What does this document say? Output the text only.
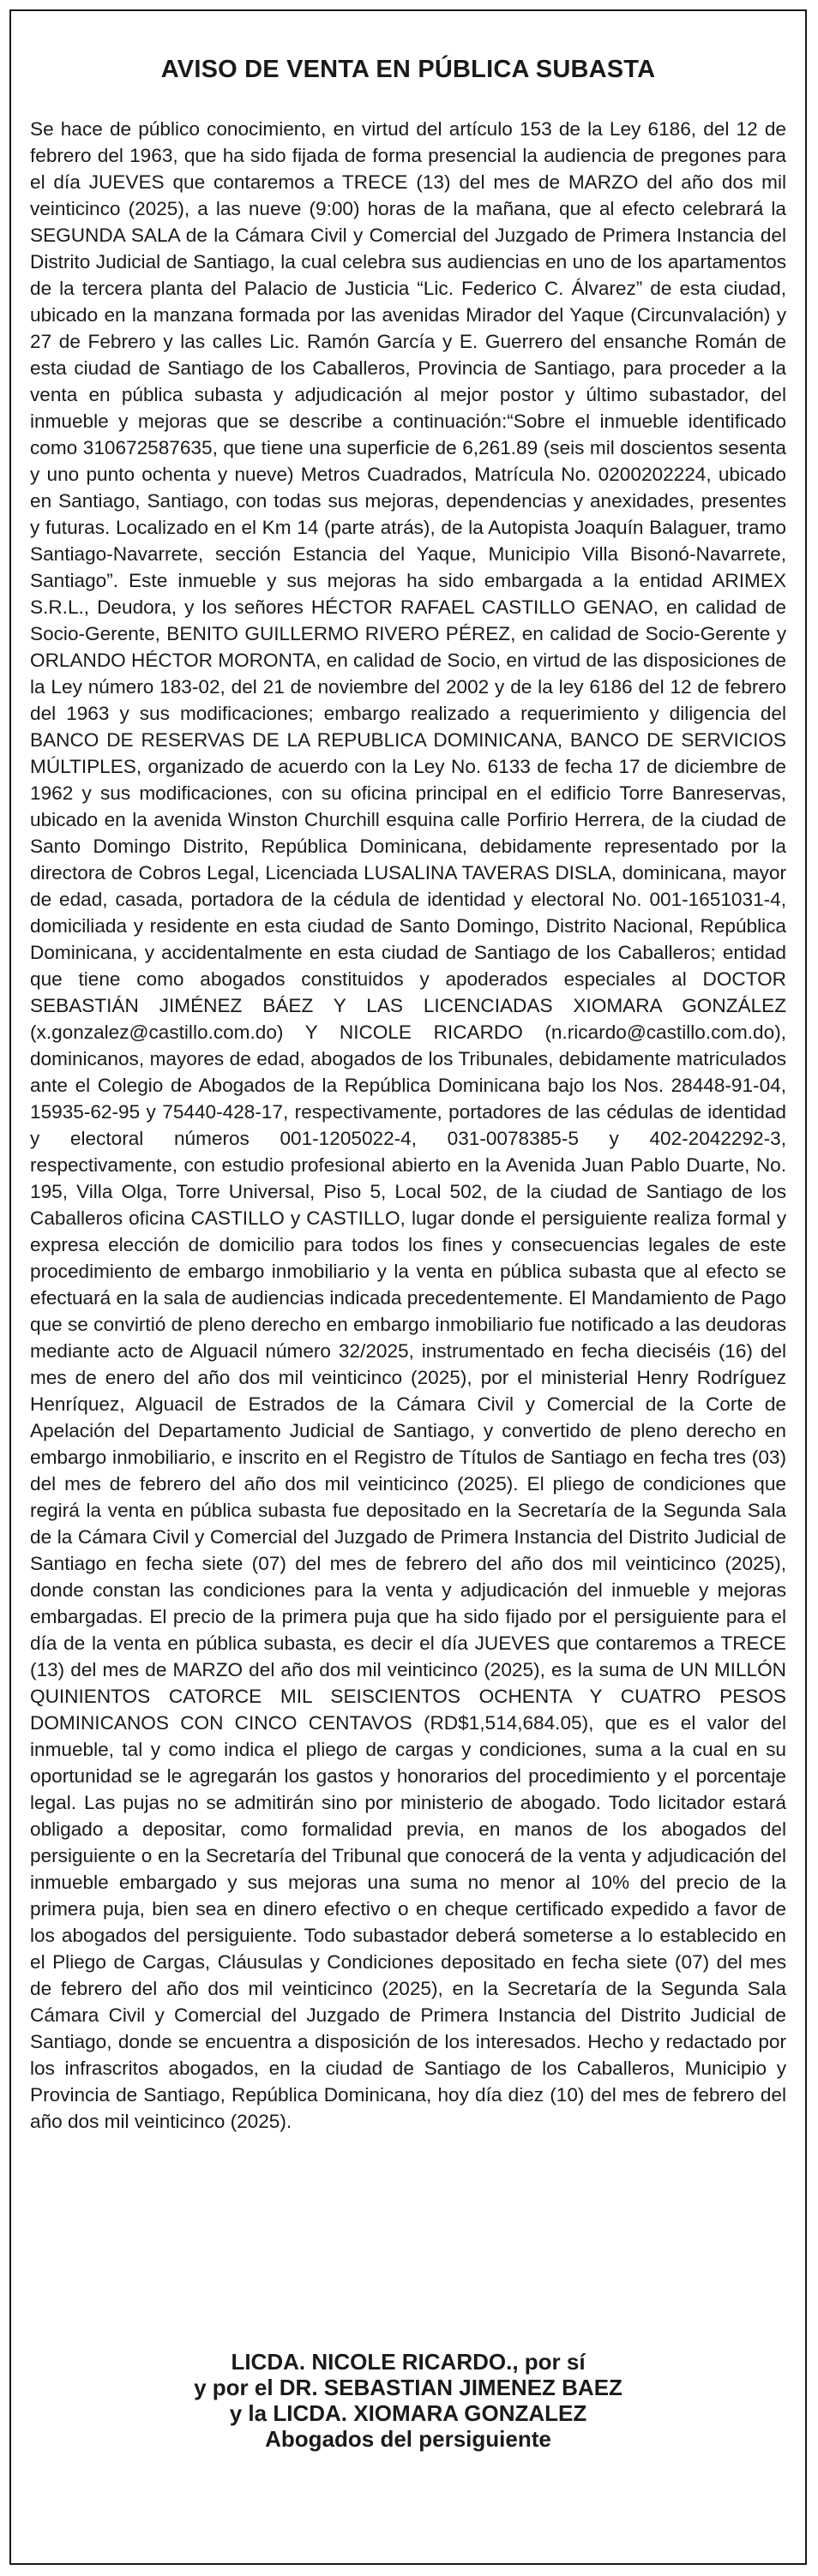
AVISO DE VENTA EN PÚBLICA SUBASTA

Se hace de público conocimiento, en virtud del artículo 153 de la Ley 6186, del 12 de febrero del 1963, que ha sido fijada de forma presencial la audiencia de pregones para el día JUEVES que contaremos a TRECE (13) del mes de MARZO del año dos mil veinticinco (2025), a las nueve (9:00) horas de la mañana, que al efecto celebrará la SEGUNDA SALA de la Cámara Civil y Comercial del Juzgado de Primera Instancia del Distrito Judicial de Santiago, la cual celebra sus audiencias en uno de los apartamentos de la tercera planta del Palacio de Justicia “Lic. Federico C. Álvarez” de esta ciudad, ubicado en la manzana formada por las avenidas Mirador del Yaque (Circunvalación) y 27 de Febrero y las calles Lic. Ramón García y E. Guerrero del ensanche Román de esta ciudad de Santiago de los Caballeros, Provincia de Santiago, para proceder a la venta en pública subasta y adjudicación al mejor postor y último subastador, del inmueble y mejoras que se describe a continuación:“Sobre el inmueble identificado como 310672587635, que tiene una superficie de 6,261.89 (seis mil doscientos sesenta y uno punto ochenta y nueve) Metros Cuadrados, Matrícula No. 0200202224, ubicado en Santiago, Santiago, con todas sus mejoras, dependencias y anexidades, presentes y futuras. Localizado en el Km 14 (parte atrás), de la Autopista Joaquín Balaguer, tramo Santiago-Navarrete, sección Estancia del Yaque, Municipio Villa Bisonó-Navarrete, Santiago”. Este inmueble y sus mejoras ha sido embargada a la entidad ARIMEX S.R.L., Deudora, y los señores HÉCTOR RAFAEL CASTILLO GENAO, en calidad de Socio-Gerente, BENITO GUILLERMO RIVERO PÉREZ, en calidad de Socio-Gerente y ORLANDO HÉCTOR MORONTA, en calidad de Socio, en virtud de las disposiciones de la Ley número 183-02, del 21 de noviembre del 2002 y de la ley 6186 del 12 de febrero del 1963 y sus modificaciones; embargo realizado a requerimiento y diligencia del BANCO DE RESERVAS DE LA REPUBLICA DOMINICANA, BANCO DE SERVICIOS MÚLTIPLES, organizado de acuerdo con la Ley No. 6133 de fecha 17 de diciembre de 1962 y sus modificaciones, con su oficina principal en el edificio Torre Banreservas, ubicado en la avenida Winston Churchill esquina calle Porfirio Herrera, de la ciudad de Santo Domingo Distrito, República Dominicana, debidamente representado por la directora de Cobros Legal, Licenciada LUSALINA TAVERAS DISLA, dominicana, mayor de edad, casada, portadora de la cédula de identidad y electoral No. 001-1651031-4, domiciliada y residente en esta ciudad de Santo Domingo, Distrito Nacional, República Dominicana, y accidentalmente en esta ciudad de Santiago de los Caballeros; entidad que tiene como abogados constituidos y apoderados especiales al DOCTOR SEBASTIÁN JIMÉNEZ BÁEZ Y LAS LICENCIADAS XIOMARA GONZÁLEZ (x.gonzalez@castillo.com.do) Y NICOLE RICARDO (n.ricardo@castillo.com.do), dominicanos, mayores de edad, abogados de los Tribunales, debidamente matriculados ante el Colegio de Abogados de la República Dominicana bajo los Nos. 28448-91-04, 15935-62-95 y 75440-428-17, respectivamente, portadores de las cédulas de identidad y electoral números 001-1205022-4, 031-0078385-5 y 402-2042292-3, respectivamente, con estudio profesional abierto en la Avenida Juan Pablo Duarte, No. 195, Villa Olga, Torre Universal, Piso 5, Local 502, de la ciudad de Santiago de los Caballeros oficina CASTILLO y CASTILLO, lugar donde el persiguiente realiza formal y expresa elección de domicilio para todos los fines y consecuencias legales de este procedimiento de embargo inmobiliario y la venta en pública subasta que al efecto se efectuará en la sala de audiencias indicada precedentemente. El Mandamiento de Pago que se convirtió de pleno derecho en embargo inmobiliario fue notificado a las deudoras mediante acto de Alguacil número 32/2025, instrumentado en fecha dieciséis (16) del mes de enero del año dos mil veinticinco (2025), por el ministerial Henry Rodríguez Henríquez, Alguacil de Estrados de la Cámara Civil y Comercial de la Corte de Apelación del Departamento Judicial de Santiago, y convertido de pleno derecho en embargo inmobiliario, e inscrito en el Registro de Títulos de Santiago en fecha tres (03) del mes de febrero del año dos mil veinticinco (2025). El pliego de condiciones que regirá la venta en pública subasta fue depositado en la Secretaría de la Segunda Sala de la Cámara Civil y Comercial del Juzgado de Primera Instancia del Distrito Judicial de Santiago en fecha siete (07) del mes de febrero del año dos mil veinticinco (2025), donde constan las condiciones para la venta y adjudicación del inmueble y mejoras embargadas. El precio de la primera puja que ha sido fijado por el persiguiente para el día de la venta en pública subasta, es decir el día JUEVES que contaremos a TRECE (13) del mes de MARZO del año dos mil veinticinco (2025), es la suma de UN MILLÓN QUINIENTOS CATORCE MIL SEISCIENTOS OCHENTA Y CUATRO PESOS DOMINICANOS CON CINCO CENTAVOS (RD$1,514,684.05), que es el valor del inmueble, tal y como indica el pliego de cargas y condiciones, suma a la cual en su oportunidad se le agregarán los gastos y honorarios del procedimiento y el porcentaje legal. Las pujas no se admitirán sino por ministerio de abogado. Todo licitador estará obligado a depositar, como formalidad previa, en manos de los abogados del persiguiente o en la Secretaría del Tribunal que conocerá de la venta y adjudicación del inmueble embargado y sus mejoras una suma no menor al 10% del precio de la primera puja, bien sea en dinero efectivo o en cheque certificado expedido a favor de los abogados del persiguiente. Todo subastador deberá someterse a lo establecido en el Pliego de Cargas, Cláusulas y Condiciones depositado en fecha siete (07) del mes de febrero del año dos mil veinticinco (2025), en la Secretaría de la Segunda Sala Cámara Civil y Comercial del Juzgado de Primera Instancia del Distrito Judicial de Santiago, donde se encuentra a disposición de los interesados. Hecho y redactado por los infrascritos abogados, en la ciudad de Santiago de los Caballeros, Municipio y Provincia de Santiago, República Dominicana, hoy día diez (10) del mes de febrero del año dos mil veinticinco (2025).

LICDA. NICOLE RICARDO., por sí
y por el DR. SEBASTIAN JIMENEZ BAEZ
y la LICDA. XIOMARA GONZALEZ
Abogados del persiguiente
